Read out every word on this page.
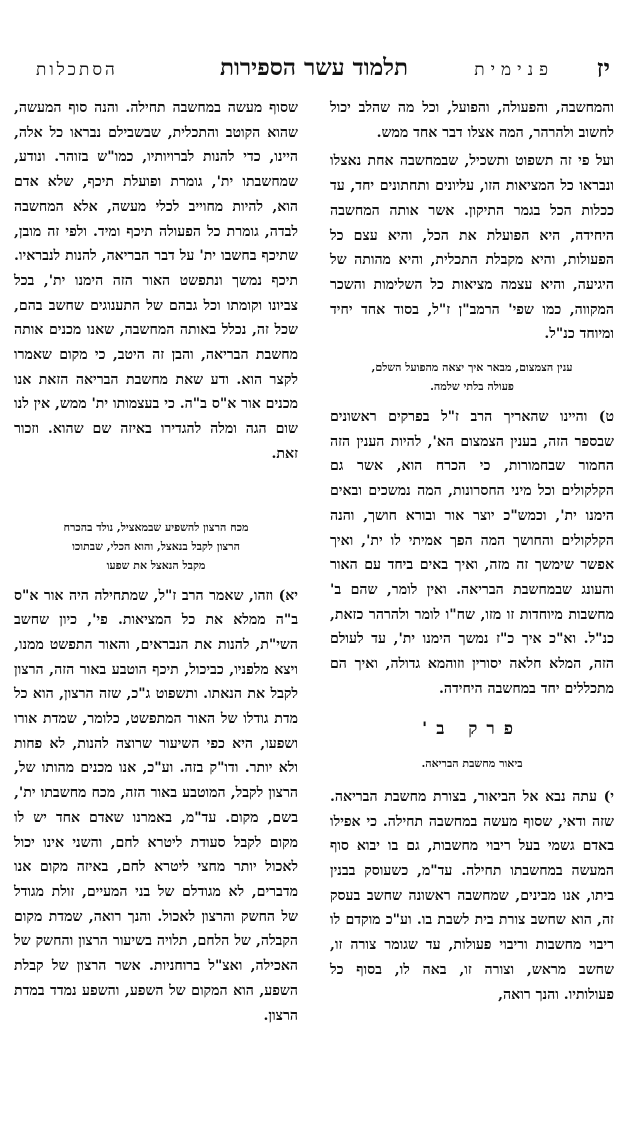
יז
פנימית
תלמוד עשר הספירות
הסתכלות

והמחשבה, והפעולה, והפועל, וכל מה שהלב יכול לחשוב ולהרהר, המה אצלו דבר אחד ממש.

ועל פי זה תשפוט ותשכיל, שבמחשבה אחת נאצלו ונבראו כל המציאות הזו, עליונים ותחתונים יחד, עד ככלות הכל בגמר התיקון. אשר אותה המחשבה היחידה, היא הפועלת את הכל, והיא עצם כל הפעולות, והיא מקבלת התכלית, והיא מהותה של היגיעה, והיא עצמה מציאות כל השלימות והשכר המקווה, כמו שפי' הרמב"ן ז"ל, בסוד אחד יחיד ומיוחד כנ"ל.

ענין הצמצום, מבאר איך יצאה מהפועל השלם,
פעולה בלתי שלמה.

ט) והיינו שהאריך הרב ז"ל בפרקים ראשונים שבספר הזה, בענין הצמצום הא', להיות הענין הזה החמור שבחמורות, כי הכרח הוא, אשר גם הקלקולים וכל מיני החסרונות, המה נמשכים ובאים הימנו ית', וכמש"כ יוצר אור ובורא חושך, והנה הקלקולים והחושך המה הפך אמיתי לו ית', ואיך אפשר שימשך זה מזה, ואיך באים ביחד עם האור והעונג שבמחשבת הבריאה. ואין לומר, שהם ב' מחשבות מיוחדות זו מזו, שח"ו לומר ולהרהר כזאת, כנ"ל. וא"כ איך כ"ז נמשך הימנו ית', עד לעולם הזה, המלא חלאה יסורין וזוהמא גדולה, ואיך הם מתכללים יחד במחשבה היחידה.

פרק ב'
ביאור מחשבת הבריאה.

י) עתה נבא אל הביאור, בצורת מחשבת הבריאה. שזה ודאי, שסוף מעשה במחשבה תחילה. כי אפילו באדם גשמי בעל ריבוי מחשבות, גם בו יבוא סוף המעשה במחשבתו תחילה. עד"מ, כשעוסק בבנין ביתו, אנו מבינים, שמחשבה ראשונה שחשב בעסק זה, הוא שחשב צורת בית לשבת בו. וע"כ מוקדם לו ריבוי מחשבות וריבוי פעולות, עד שגומר צורה זו, שחשב מראש, וצורה זו, באה לו, בסוף כל פעולותיו. והנך רואה,

שסוף מעשה במחשבה תחילה. והנה סוף המעשה, שהוא הקוטב והתכלית, שבשבילם נבראו כל אלה, היינו, כדי להנות לברויותיו, כמו"ש בזוהר. ונודע, שמחשבתו ית', גומרת ופועלת תיכף, שלא אדם הוא, להיות מחוייב לכלי מעשה, אלא המחשבה לבדה, גומרת כל הפעולה תיכף ומיד. ולפי זה מובן, שתיכף בחשבו ית' על דבר הבריאה, להנות לנבראיו. תיכף נמשך ונתפשט האור הזה הימנו ית', בכל צביונו וקומתו וכל גבהם של התענוגים שחשב בהם, שכל זה, נכלל באותה המחשבה, שאנו מכנים אותה מחשבת הבריאה, והבן זה היטב, כי מקום שאמרו לקצר הוא. ודע שאת מחשבת הבריאה הזאת אנו מכנים אור א"ס ב"ה. כי בעצמותו ית' ממש, אין לנו שום הגה ומלה להגדירו באיזה שם שהוא. וזכור זאת.

מכח הרצון להשפיע שבמאציל, נולד בהכרח
הרצון לקבל בנאצל, והוא הכלי, שבתוכו
מקבל הנאצל את שפעו

יא) וזהו, שאמר הרב ז"ל, שמתחילה היה אור א"ס ב"ה ממלא את כל המציאות. פי', כיון שחשב השי"ת, להנות את הנבראים, והאור התפשט ממנו, ויצא מלפניו, כביכול, תיכף הוטבע באור הזה, הרצון לקבל את הנאתו. ותשפוט ג"כ, שזה הרצון, הוא כל מדת גודלו של האור המתפשט, כלומר, שמדת אורו ושפעו, היא כפי השיעור שרוצה להנות, לא פחות ולא יותר. ודו"ק בזה. וע"כ, אנו מכנים מהותו של, הרצון לקבל, המוטבע באור הזה, מכח מחשבתו ית', בשם, מקום. עד"מ, באמרנו שאדם אחד יש לו מקום לקבל סעודת ליטרא לחם, והשני אינו יכול לאכול יותר מחצי ליטרא לחם, באיזה מקום אנו מדברים, לא מגודלם של בני המעיים, זולת מגודל של החשק והרצון לאכול. והנך רואה, שמדת מקום הקבלה, של הלחם, תלויה בשיעור הרצון והחשק של האכילה, ואצ"ל ברוחניות. אשר הרצון של קבלת השפע, הוא המקום של השפע, והשפע נמדד במדת הרצון.
